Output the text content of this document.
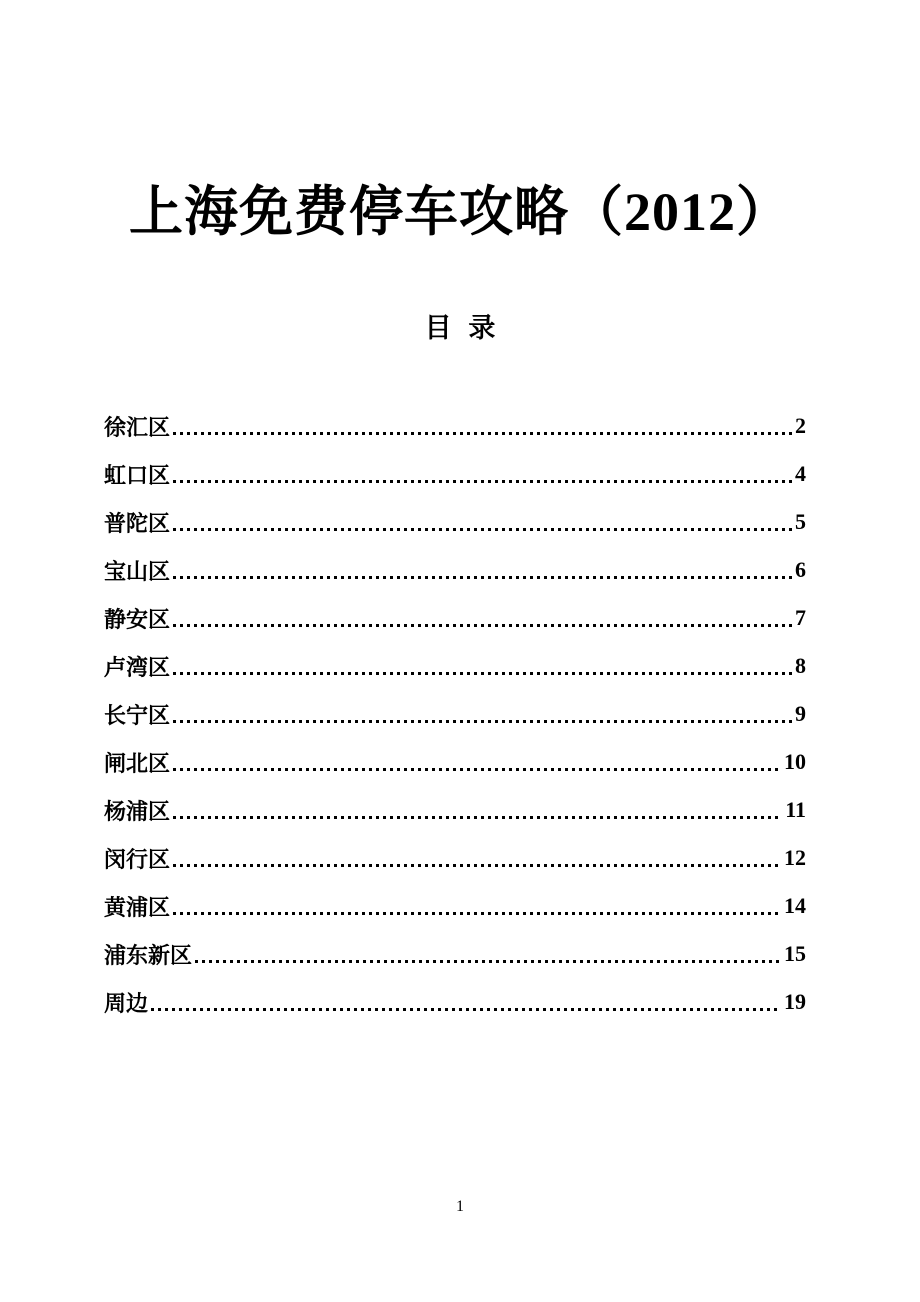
上海免费停车攻略（2012）
目 录
徐汇区	2
虹口区	4
普陀区	5
宝山区	6
静安区	7
卢湾区	8
长宁区	9
闸北区	10
杨浦区	11
闵行区	12
黄浦区	14
浦东新区	15
周边	19
1
